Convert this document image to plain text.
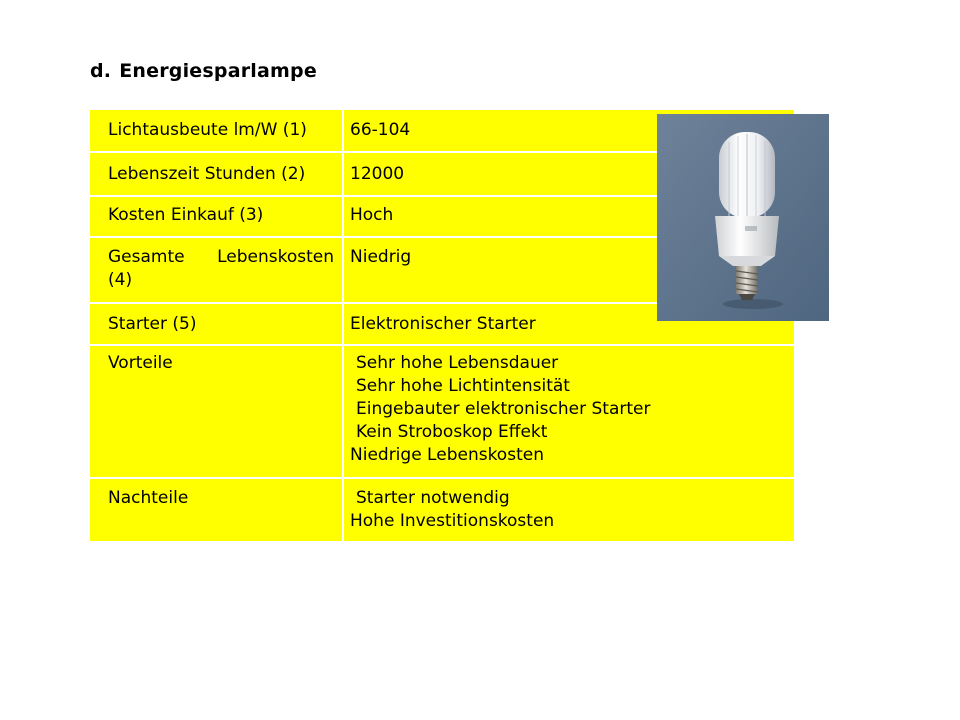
d. Energiesparlampe
Lichtausbeute lm/W (1)	66-104
Lebenszeit Stunden (2)	12000
Kosten Einkauf (3)	Hoch

Gesamte Lebenskosten
(4)	Niedrig
Starter (5)	Elektronischer Starter
Vorteile	Sehr hohe Lebensdauer
Sehr hohe Lichtintensität
Eingebauter elektronischer Starter
Kein Stroboskop Effekt
Niedrige Lebenskosten

Nachteile	Starter notwendig
Hohe Investitionskosten
